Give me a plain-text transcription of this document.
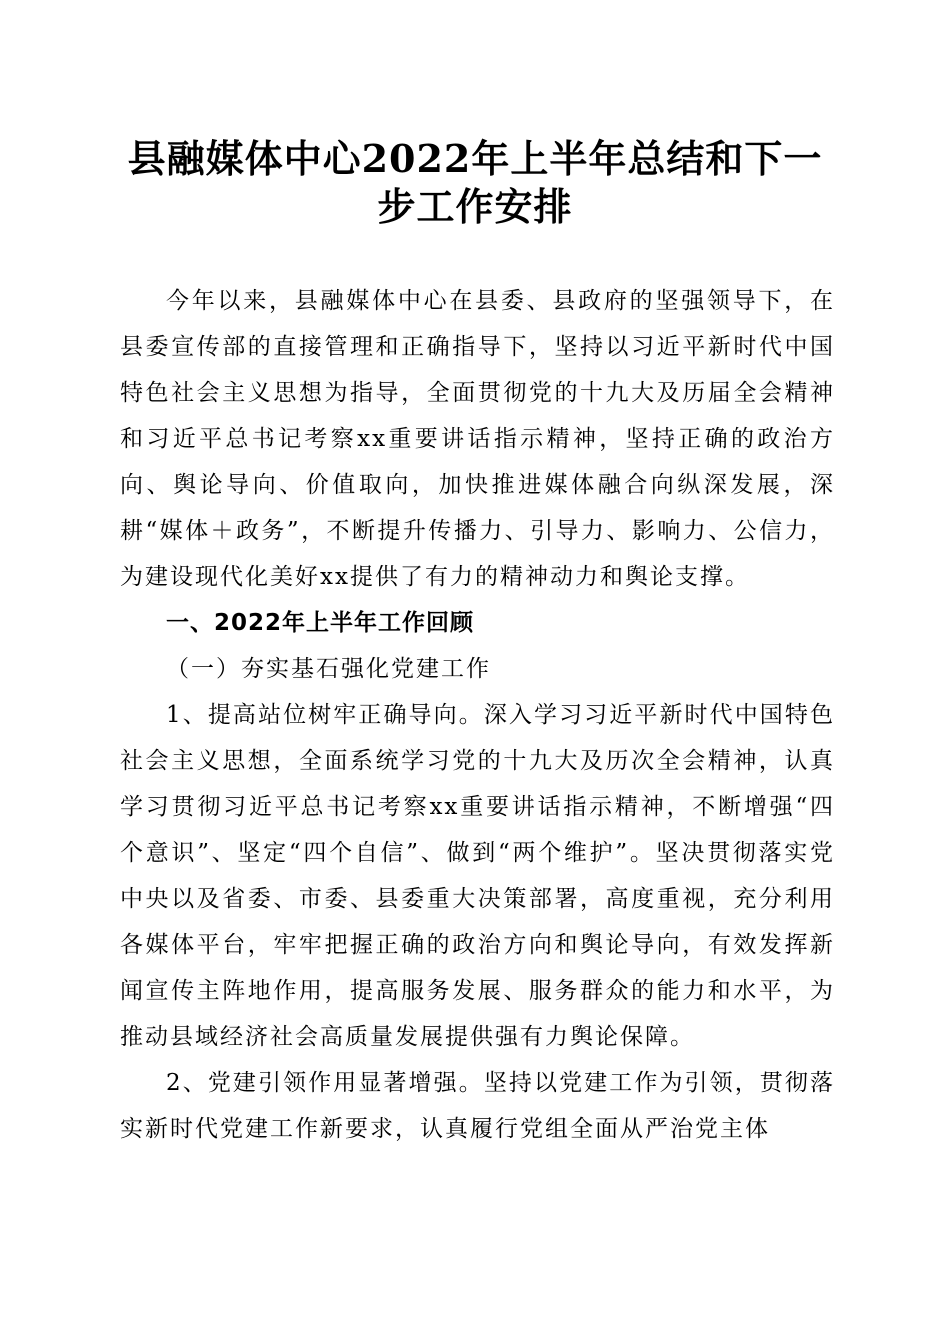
县融媒体中心2022年上半年总结和下一步工作安排

今年以来，县融媒体中心在县委、县政府的坚强领导下，在县委宣传部的直接管理和正确指导下，坚持以习近平新时代中国特色社会主义思想为指导，全面贯彻党的十九大及历届全会精神和习近平总书记考察xx重要讲话指示精神，坚持正确的政治方向、舆论导向、价值取向，加快推进媒体融合向纵深发展，深耕“媒体＋政务”，不断提升传播力、引导力、影响力、公信力，为建设现代化美好xx提供了有力的精神动力和舆论支撑。

一、2022年上半年工作回顾

（一）夯实基石强化党建工作

1、提高站位树牢正确导向。深入学习习近平新时代中国特色社会主义思想，全面系统学习党的十九大及历次全会精神，认真学习贯彻习近平总书记考察xx重要讲话指示精神，不断增强“四个意识”、坚定“四个自信”、做到“两个维护”。坚决贯彻落实党中央以及省委、市委、县委重大决策部署，高度重视，充分利用各媒体平台，牢牢把握正确的政治方向和舆论导向，有效发挥新闻宣传主阵地作用，提高服务发展、服务群众的能力和水平，为推动县域经济社会高质量发展提供强有力舆论保障。

2、党建引领作用显著增强。坚持以党建工作为引领，贯彻落实新时代党建工作新要求，认真履行党组全面从严治党主体
